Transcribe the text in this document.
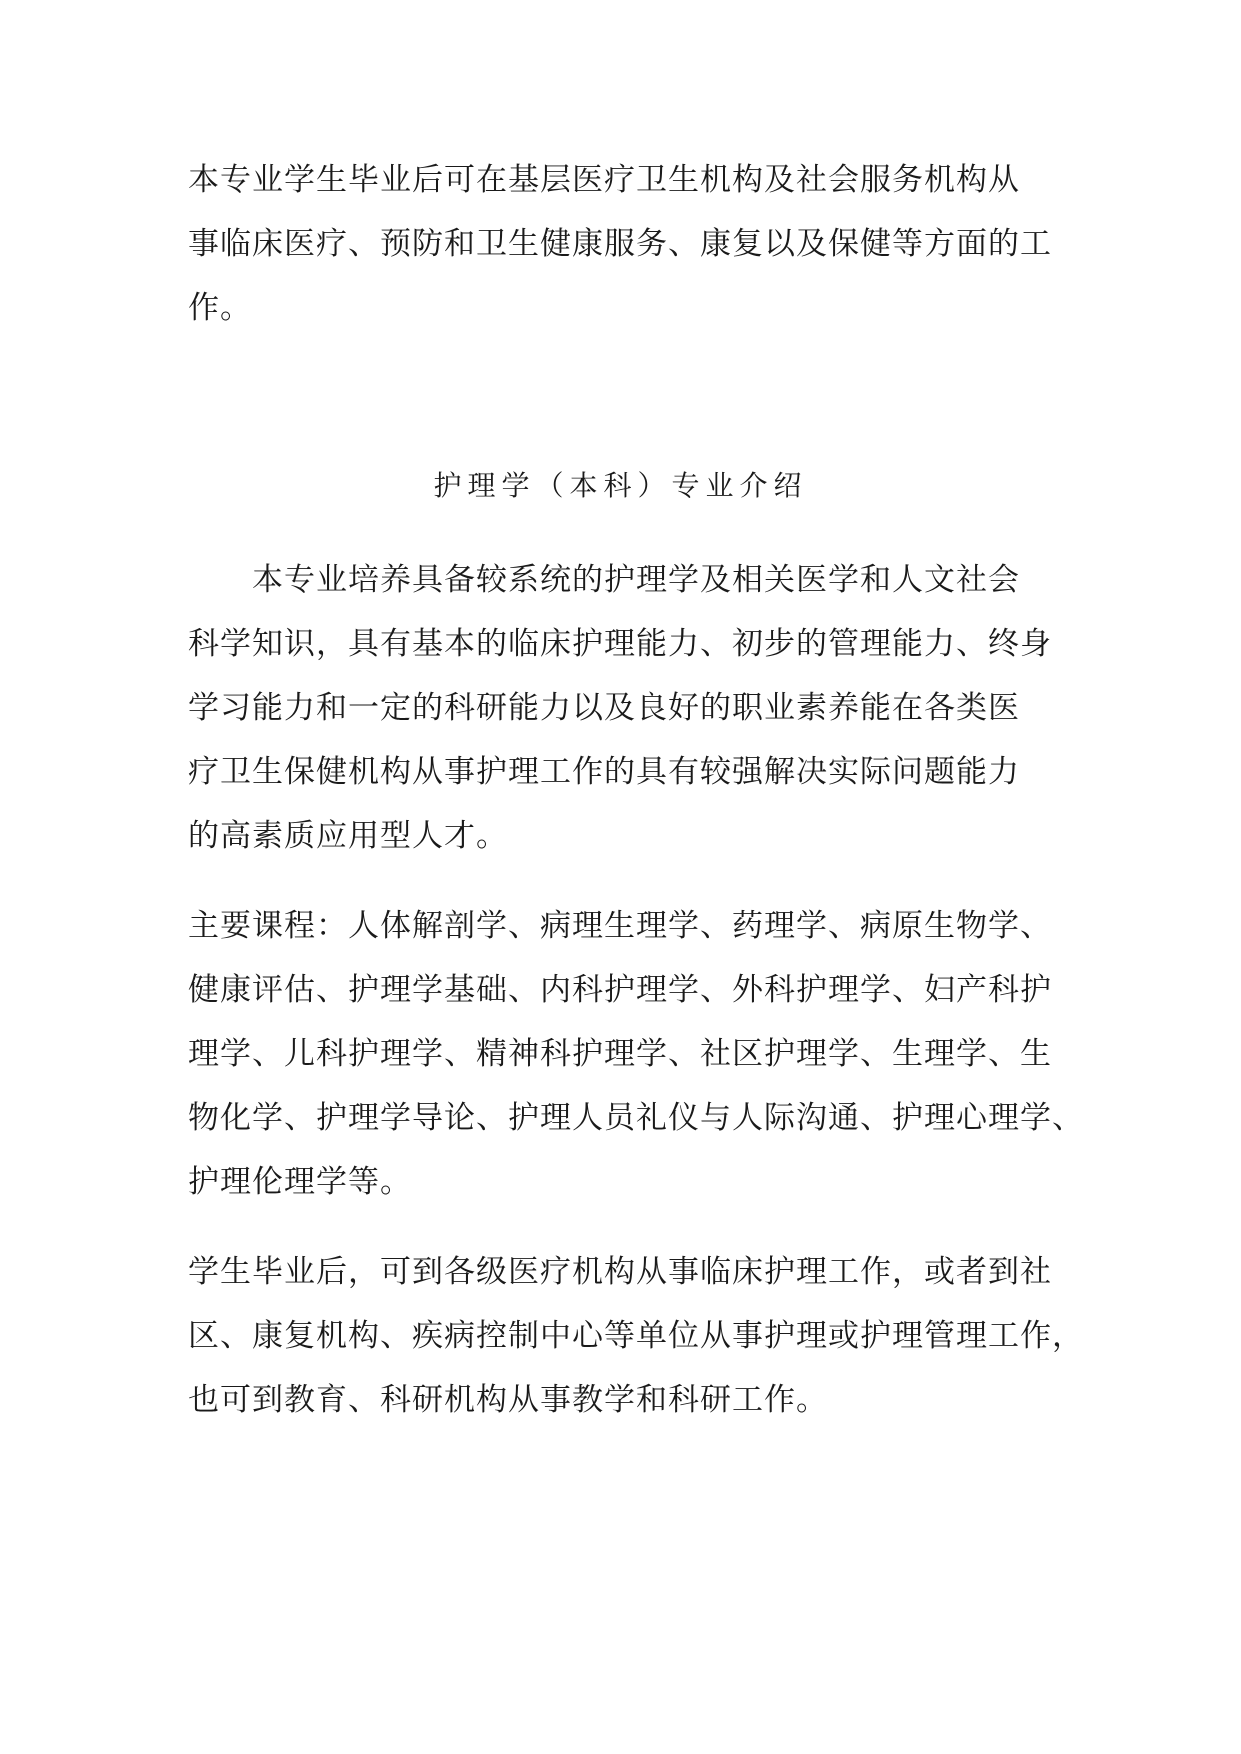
本专业学生毕业后可在基层医疗卫生机构及社会服务机构从
事临床医疗、预防和卫生健康服务、康复以及保健等方面的工
作。
护理学（本科）专业介绍
　　本专业培养具备较系统的护理学及相关医学和人文社会
科学知识，具有基本的临床护理能力、初步的管理能力、终身
学习能力和一定的科研能力以及良好的职业素养能在各类医
疗卫生保健机构从事护理工作的具有较强解决实际问题能力
的高素质应用型人才。
主要课程：人体解剖学、病理生理学、药理学、病原生物学、
健康评估、护理学基础、内科护理学、外科护理学、妇产科护
理学、儿科护理学、精神科护理学、社区护理学、生理学、生
物化学、护理学导论、护理人员礼仪与人际沟通、护理心理学、
护理伦理学等。
学生毕业后，可到各级医疗机构从事临床护理工作，或者到社
区、康复机构、疾病控制中心等单位从事护理或护理管理工作，
也可到教育、科研机构从事教学和科研工作。
